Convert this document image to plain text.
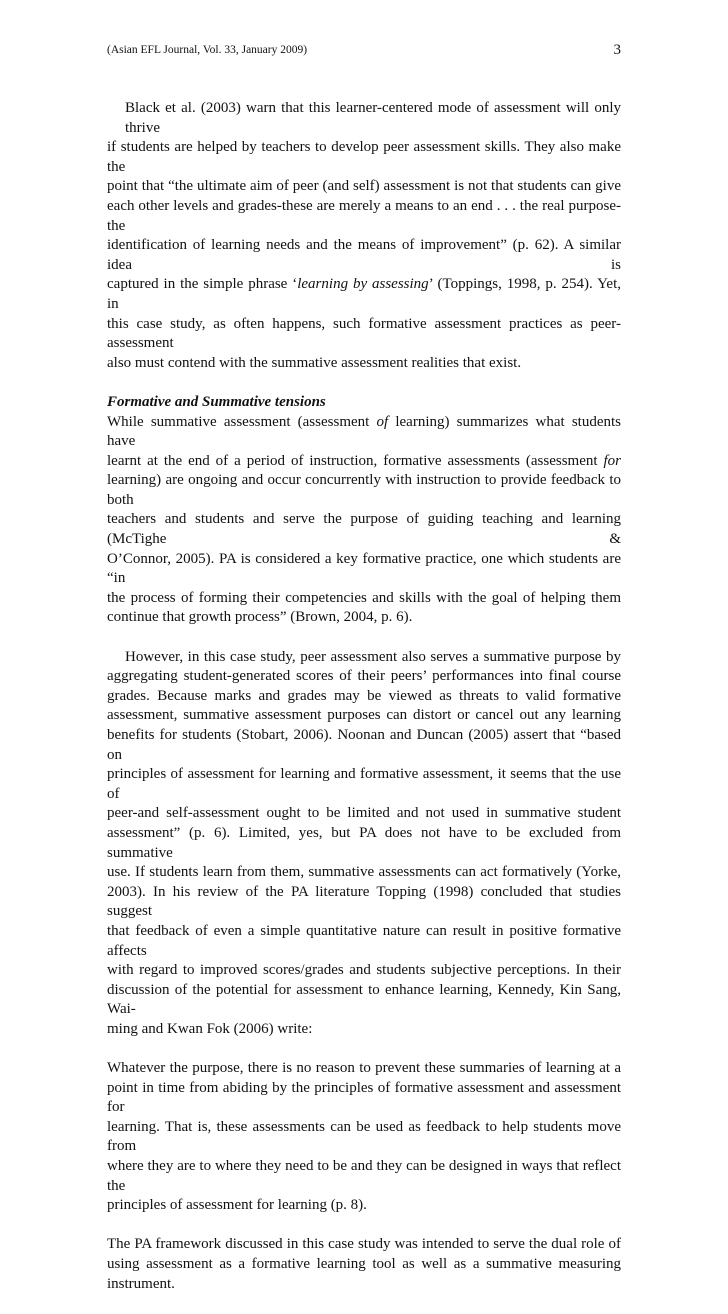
(Asian EFL Journal, Vol. 33, January 2009)	3
Black et al. (2003) warn that this learner-centered mode of assessment will only thrive
if students are helped by teachers to develop peer assessment skills. They also make the
point that “the ultimate aim of peer (and self) assessment is not that students can give
each other levels and grades-these are merely a means to an end . . . the real purpose-the
identification of learning needs and the means of improvement” (p. 62). A similar idea is
captured in the simple phrase ‘learning by assessing’ (Toppings, 1998, p. 254). Yet, in
this case study, as often happens, such formative assessment practices as peer-assessment
also must contend with the summative assessment realities that exist.
Formative and Summative tensions
While summative assessment (assessment of learning) summarizes what students have
learnt at the end of a period of instruction, formative assessments (assessment for
learning) are ongoing and occur concurrently with instruction to provide feedback to both
teachers and students and serve the purpose of guiding teaching and learning (McTighe &
O’Connor, 2005). PA is considered a key formative practice, one which students are “in
the process of forming their competencies and skills with the goal of helping them
continue that growth process” (Brown, 2004, p. 6).
However, in this case study, peer assessment also serves a summative purpose by
aggregating student-generated scores of their peers’ performances into final course
grades. Because marks and grades may be viewed as threats to valid formative
assessment, summative assessment purposes can distort or cancel out any learning
benefits for students (Stobart, 2006). Noonan and Duncan (2005) assert that “based on
principles of assessment for learning and formative assessment, it seems that the use of
peer-and self-assessment ought to be limited and not used in summative student
assessment” (p. 6). Limited, yes, but PA does not have to be excluded from summative
use. If students learn from them, summative assessments can act formatively (Yorke,
2003). In his review of the PA literature Topping (1998) concluded that studies suggest
that feedback of even a simple quantitative nature can result in positive formative affects
with regard to improved scores/grades and students subjective perceptions. In their
discussion of the potential for assessment to enhance learning, Kennedy, Kin Sang, Wai-
ming and Kwan Fok (2006) write:
Whatever the purpose, there is no reason to prevent these summaries of learning at a
point in time from abiding by the principles of formative assessment and assessment for
learning. That is, these assessments can be used as feedback to help students move from
where they are to where they need to be and they can be designed in ways that reflect the
principles of assessment for learning (p. 8).
The PA framework discussed in this case study was intended to serve the dual role of
using assessment as a formative learning tool as well as a summative measuring
instrument.
